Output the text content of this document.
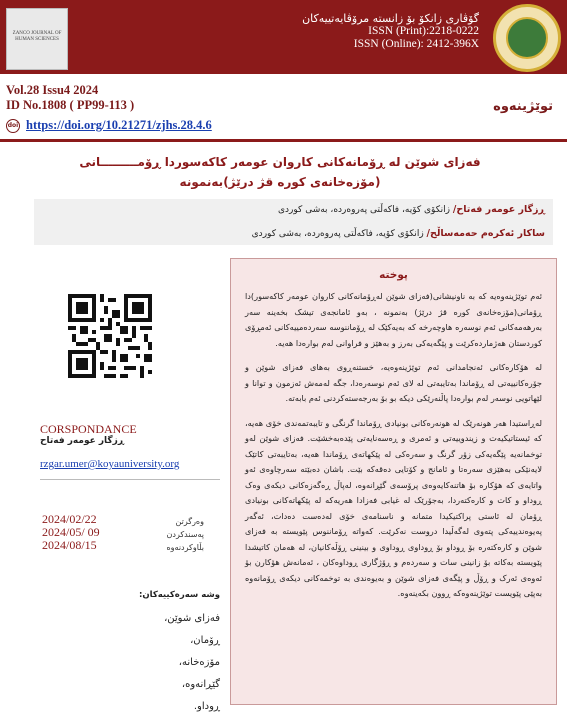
ZANCO JOURNAL OF HUMAN SCIENCES
گۆڤاری زانکۆ بۆ زانستە مرۆڤایەتییەکان
ISSN (Print):2218-0222
ISSN (Online): 2412-396X
Vol.28 Issu4 2024
ID No.1808 ( PP99-113 )
doi https://doi.org/10.21271/zjhs.28.4.6
توێژینەوە
فەزای شوێن لە ڕۆمانەکانی کاروان عومەر کاکەسوردا ڕۆمـــــــــانی
(مۆزەخانەی کورە قژ درێژ)بەنمونە
ڕزگار عومەر فەتاح/ زانکۆی کۆیە، فاکەڵتی پەروەردە، بەشی کوردی
ساکار ئەکرەم حەمەساڵح/ زانکۆی کۆیە، فاکەڵتی پەروەردە، بەشی کوردی
CORSPONDANCE
ڕزگار عومەر فەتاح
rzgar.umer@koyauniversity.org
2024/02/22
2024/05/ 09
2024/08/15
وەرگرتن
پەسندکردن
بڵاوکردنەوە
وشە سەرەکییەکان:
فەزای شوێن،
ڕۆمان،
مۆزەخانە،
گێڕانەوە،
ڕوداو.
پوختە

ئەم توێژینەوەیە کە بە ناونیشانی(فەزای شوێن لەڕۆمانەکانی کاروان عومەر کاکەسور)دا ڕۆمانی(مۆزەخانەی کورە قژ درێژ) بەنمونە ، بەو ئامانجەی تیشک بخەینە سەر بەرهەمەکانی ئەم نوسەرە هاوچەرخە کە بەیەکێک لە ڕۆماننوسە سەردەمییەکانی ئەمڕۆی کوردستان هەژماردەکرێت و پێگەیەکی بەرز و بەهێز و فراوانی لەم بوارەدا هەیە.

لە هۆکارەکانی ئەنجامدانی ئەم توێژینەوەیە، خستنەڕوی بەهای فەزای شوێن و جۆرەکانییەتی لە ڕۆماندا بەتایبەتی لە لای ئەم نوسەرەدا، جگە لەمەش ئەزمون و توانا و لێهاتویی نوسەر لەم بوارەدا پاڵنەرێکی دیکە بو بۆ بەرجەستەکردنی ئەم بابەتە.

لەڕاستیدا هەر هونەرێک لە هونەرەکانی بونیادی ڕۆماندا گرنگی و تایبەتمەندی خۆی هەیە، کە ئیستاتیکیەت و زیندوییەتی و ئەمری و ڕەسەنایەتی پێدەبەخشێت. فەزای شوێن لەو توخمانەیە پێگەیەکی زۆر گرنگ و سەرەکی لە پێکهاتەی ڕۆماندا هەیە، بەتایبەتی کاتێک لایەنێکی بەهێزی سەرەتا و ئامانج و کۆتایی دەقەکە بێت. باشان دەبێتە سەرچاوەی ئەو واتایەی کە هۆکارە بۆ هاتنەکایەوەی پرۆسەی گێڕانەوە، لەپاڵ ڕەگەزەکانی دیکەی وەک ڕوداو و کات و کارەکتەردا، بەجۆرێک لە غیابی فەزادا هەریەکە لە پێکهاتەکانی بونیادی ڕۆمان لە ئاستی پراکتیکیدا متمانە و ناسنامەی خۆی لەدەست دەدات، ئەگەر پەیوەندییەکی پتەوی لەگەڵیدا دروست نەکرێت. کەواتە ڕۆماننوس پێویستە بە فەزای شوێن و کارەکتەرە بۆ ڕوداو بۆ ڕوداوی ڕوداوی و بینینی ڕۆڵەکانیان، لە هەمان کاتیشدا پێویستە بەکاتە بۆ زانینی سات و سەردەم و ڕۆژگاری ڕوداوەکان ، ئەمانەش هۆکارن بۆ ئەوەی ئەرک و ڕۆڵ و پێگەی فەزای شوێن و بەیوەندی بە توخمەکانی دیکەی ڕۆمانەوە بەپێی پێویست توێژینەوەکە ڕوون بکەینەوە.
